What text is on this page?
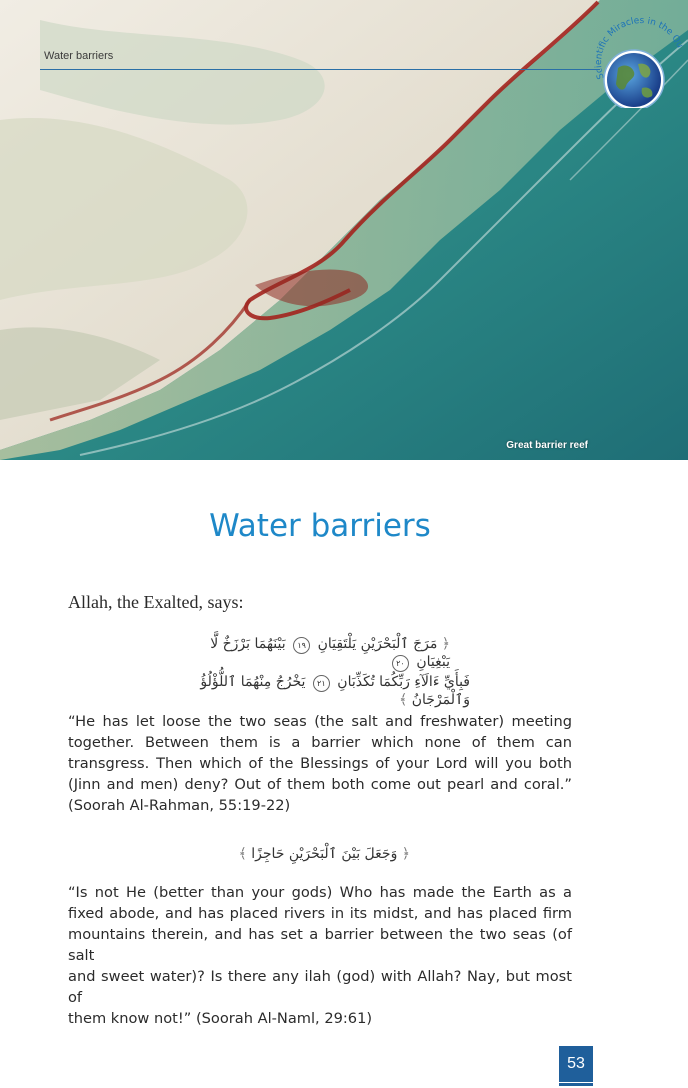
Water barriers
Great barrier reef
Scientific Miracles in the Qu
Water barriers
Allah, the Exalted, says:
﴿ مَرَجَ ٱلْبَحْرَيْنِ يَلْتَقِيَانِ ١٩ بَيْنَهُمَا بَرْزَخٌ لَّا يَبْغِيَانِ ٢٠
فَبِأَيِّ ءَالَآءِ رَبِّكُمَا تُكَذِّبَانِ ٢١ يَخْرُجُ مِنْهُمَا ٱللُّؤْلُؤُ وَٱلْمَرْجَانُ ﴾

“He has let loose the two seas (the salt and freshwater) meeting
together. Between them is a barrier which none of them can
transgress. Then which of the Blessings of your Lord will you both
(Jinn and men) deny? Out of them both come out pearl and coral.”
(Soorah Al-Rahman, 55:19-22)

﴿ وَجَعَلَ بَيْنَ ٱلْبَحْرَيْنِ حَاجِزًا ﴾

“Is not He (better than your gods) Who has made the Earth as a
fixed abode, and has placed rivers in its midst, and has placed firm
mountains therein, and has set a barrier between the two seas (of salt
and sweet water)? Is there any ilah (god) with Allah? Nay, but most of
them know not!” (Soorah Al-Naml, 29:61)

53
